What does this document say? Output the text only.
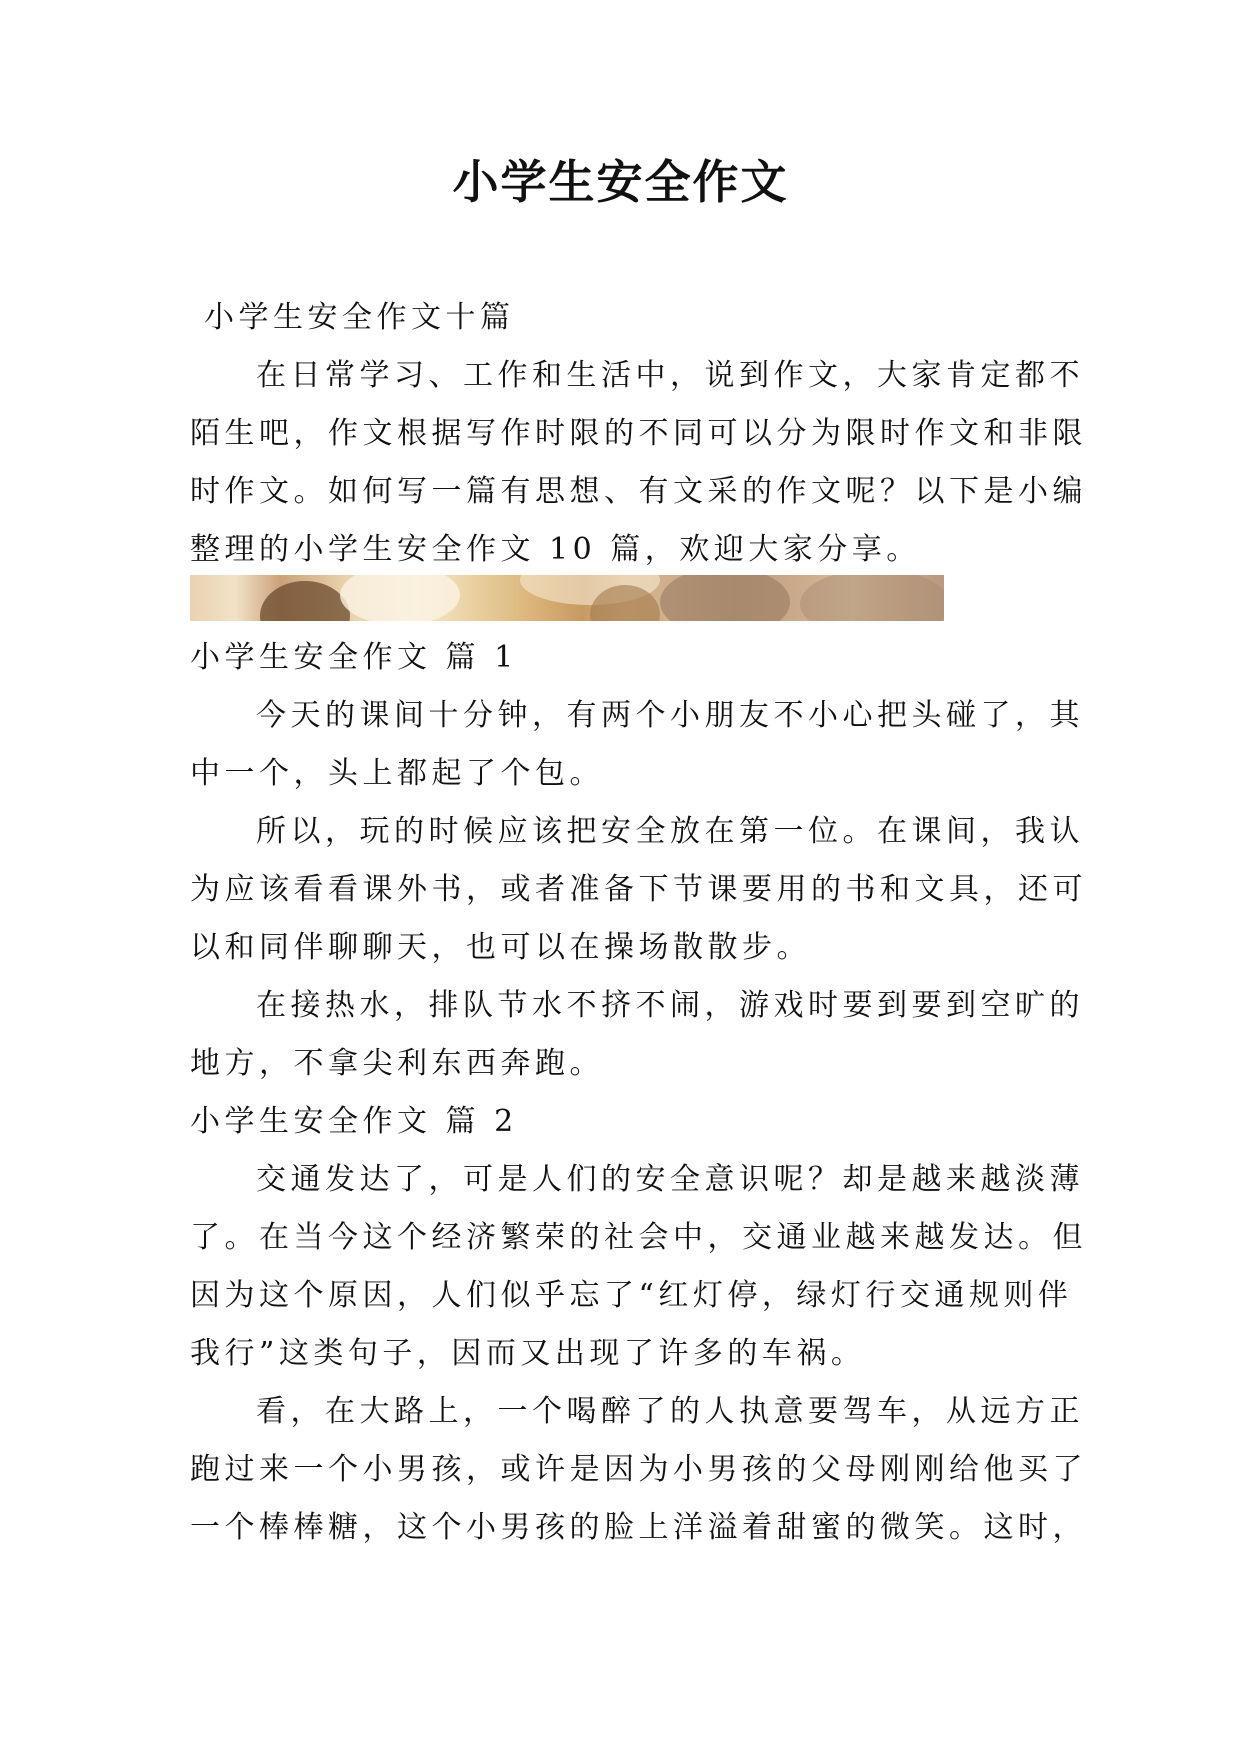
小学生安全作文
小学生安全作文十篇
在日常学习、工作和生活中，说到作文，大家肯定都不
陌生吧，作文根据写作时限的不同可以分为限时作文和非限
时作文。如何写一篇有思想、有文采的作文呢？以下是小编
整理的小学生安全作文 10 篇，欢迎大家分享。
小学生安全作文 篇 1
今天的课间十分钟，有两个小朋友不小心把头碰了，其
中一个，头上都起了个包。
所以，玩的时候应该把安全放在第一位。在课间，我认
为应该看看课外书，或者准备下节课要用的书和文具，还可
以和同伴聊聊天，也可以在操场散散步。
在接热水，排队节水不挤不闹，游戏时要到要到空旷的
地方，不拿尖利东西奔跑。
小学生安全作文 篇 2
交通发达了，可是人们的安全意识呢？却是越来越淡薄
了。在当今这个经济繁荣的社会中，交通业越来越发达。但
因为这个原因，人们似乎忘了“红灯停，绿灯行交通规则伴
我行”这类句子，因而又出现了许多的车祸。
看，在大路上，一个喝醉了的人执意要驾车，从远方正
跑过来一个小男孩，或许是因为小男孩的父母刚刚给他买了
一个棒棒糖，这个小男孩的脸上洋溢着甜蜜的微笑。这时，
